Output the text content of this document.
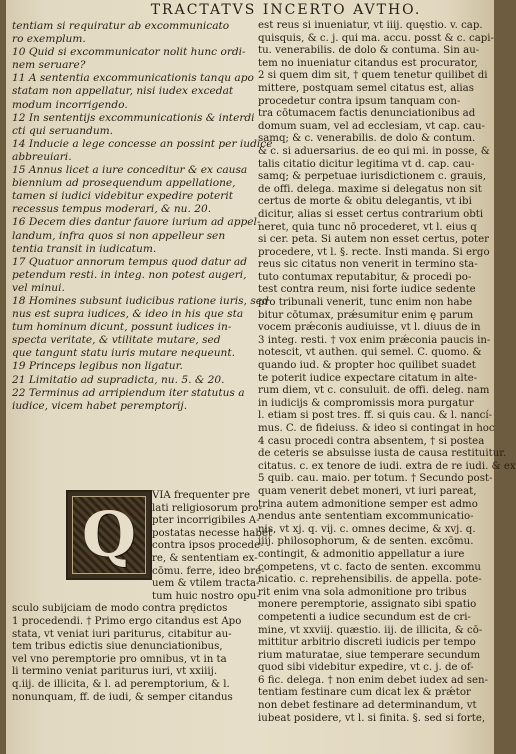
TRACTATVS INCERTO AVTHO.
tentiam si requiratur ab excommunicato
ro exemplum.
10 Quid si excommunicator nolit hunc ordi-
nem seruare?
11 A sententia excommunicationis tanqu apo
statam non appellatur, nisi iudex excedat
modum incorrigendo.
12 In sententijs excommunicationis & interdi
cti qui seruandum.
14 Inducie a lege concesse an possint per iudice
abbreuiari.
15 Annus licet a iure conceditur & ex causa
biennium ad prosequendum appellatione,
tamen si iudici videbitur expedire poterit
recessus tempus moderari, & nu. 20.
16 Decem dies dantur fauore iurium ad appel-
landum, infra quos si non appelleur sen
tentia transit in iudicatum.
17 Quatuor annorum tempus quod datur ad
petendum resti. in integ. non potest augeri,
vel minui.
18 Homines subsunt iudicibus ratione iuris, sed
nus est supra iudices, & ideo in his que sta
tum hominum dicunt, possunt iudices in-
specta veritate, & vtilitate mutare, sed
que tangunt statu iuris mutare nequeunt.
19 Princeps legibus non ligatur.
21 Limitatio ad supradicta, nu. 5. & 20.
22 Terminus ad arripiendum iter statutus a
iudice, vicem habet peremptorij.
est reus si inueniatur, vt iiij. quęstio. v. cap.
quisquis, & c. j. qui ma. accu. posst & c. capi-
tu. venerabilis. de dolo & contuma. Sin au-
tem no inueniatur citandus est procurator,
2 si quem dim sit, † quem tenetur quilibet di
mittere, postquam semel citatus est, alias
procedetur contra ipsum tanquam con-
tra cōtumacem factis denunciationibus ad
domum suam, vel ad ecclesiam, vt cap. cau-
samq; & c. venerabilis. de dolo & contum.
& c. si aduersarius. de eo qui mi. in posse, &
talis citatio dicitur legitima vt d. cap. cau-
samq; & perpetuae iurisdictionem c. grauis,
de offi. delega. maxime si delegatus non sit
certus de morte & obitu delegantis, vt ibi
dicitur, alias si esset certus contrarium obti
neret, quia tunc nō procederet, vt l. eius q
si cer. peta. Si autem non esset certus, poter
procedere, vt l. §. recte. Insti manda. Si ergo
reus sic citatus non venerit in termino sta-
tuto contumax reputabitur, & procedi po-
test contra reum, nisi forte iudice sedente
pro tribunali venerit, tunc enim non habe
bitur cōtumax, prǽsumitur enim ę parum
vocem prǽconis audiuisse, vt l. diuus de in
3 integ. resti. † vox enim prǽconia paucis in-
notescit, vt authen. qui semel. C. quomo. &
quando iud. & propter hoc quilibet suadet
te poterit iudice expectare citatum in alte-
rum diem, vt c. consuluit. de offi. deleg. nam
in iudicijs & compromissis mora purgatur
l. etiam si post tres. ff. si quis cau. & l. nancí-
mus. C. de fideiuss. & ideo si contingat in hoc
4 casu procedi contra absentem, † si postea
de ceteris se absuisse iusta de causa restituitur.
citatus. c. ex tenore de iudi. extra de re iudi. & ex
5 quib. cau. maio. per totum. † Secundo post-
quam venerit debet moneri, vt iuri pareat,
trina autem admonitione semper est admo
nendus ante sententiam excommunicatio-
nis, vt xj. q. vij. c. omnes decime, & xvj. q.
iiij. philosophorum, & de senten. excōmu.
contingit, & admonitio appellatur a iure
competens, vt c. facto de senten. excommu
nicatio. c. reprehensibilis. de appella. pote-
rit enim vna sola admonitione pro tribus
monere peremptorie, assignato sibi spatio
competenti a iudice secundum est de cri-
mine, vt xxviij. quæstio. iij. de illicita, & cō-
mittitur arbitrio discreti iudicis per tempo
rium maturatae, siue temperare secundum
quod sibi videbitur expedire, vt c. j. de of-
6 fic. delega. † non enim debet iudex ad sen-
tentiam festinare cum dicat lex & prǽtor
non debet festinare ad determinandum, vt
iubeat posidere, vt l. si finita. §. sed si forte,
Q
VIA frequenter pre
lati religiosorum pro-
pter incorrigibiles A-
postatas necesse habét
contra ipsos procede-
re, & sententiam ex-
cōmu. ferre, ideo bre-
uem & vtilem tracta-
tum huic nostro opu-
sculo subijciam de modo contra prędictos
1 procedendi. † Primo ergo citandus est Apo
stata, vt veniat iuri pariturus, citabitur au-
tem tribus edictis siue denunciationibus,
vel vno peremptorie pro omnibus, vt in ta
li termino veniat pariturus iuri, vt xxiiij.
q.iij. de illicita, & l. ad peremptorium, & l.
nonunquam, ff. de iudi, & semper citandus
